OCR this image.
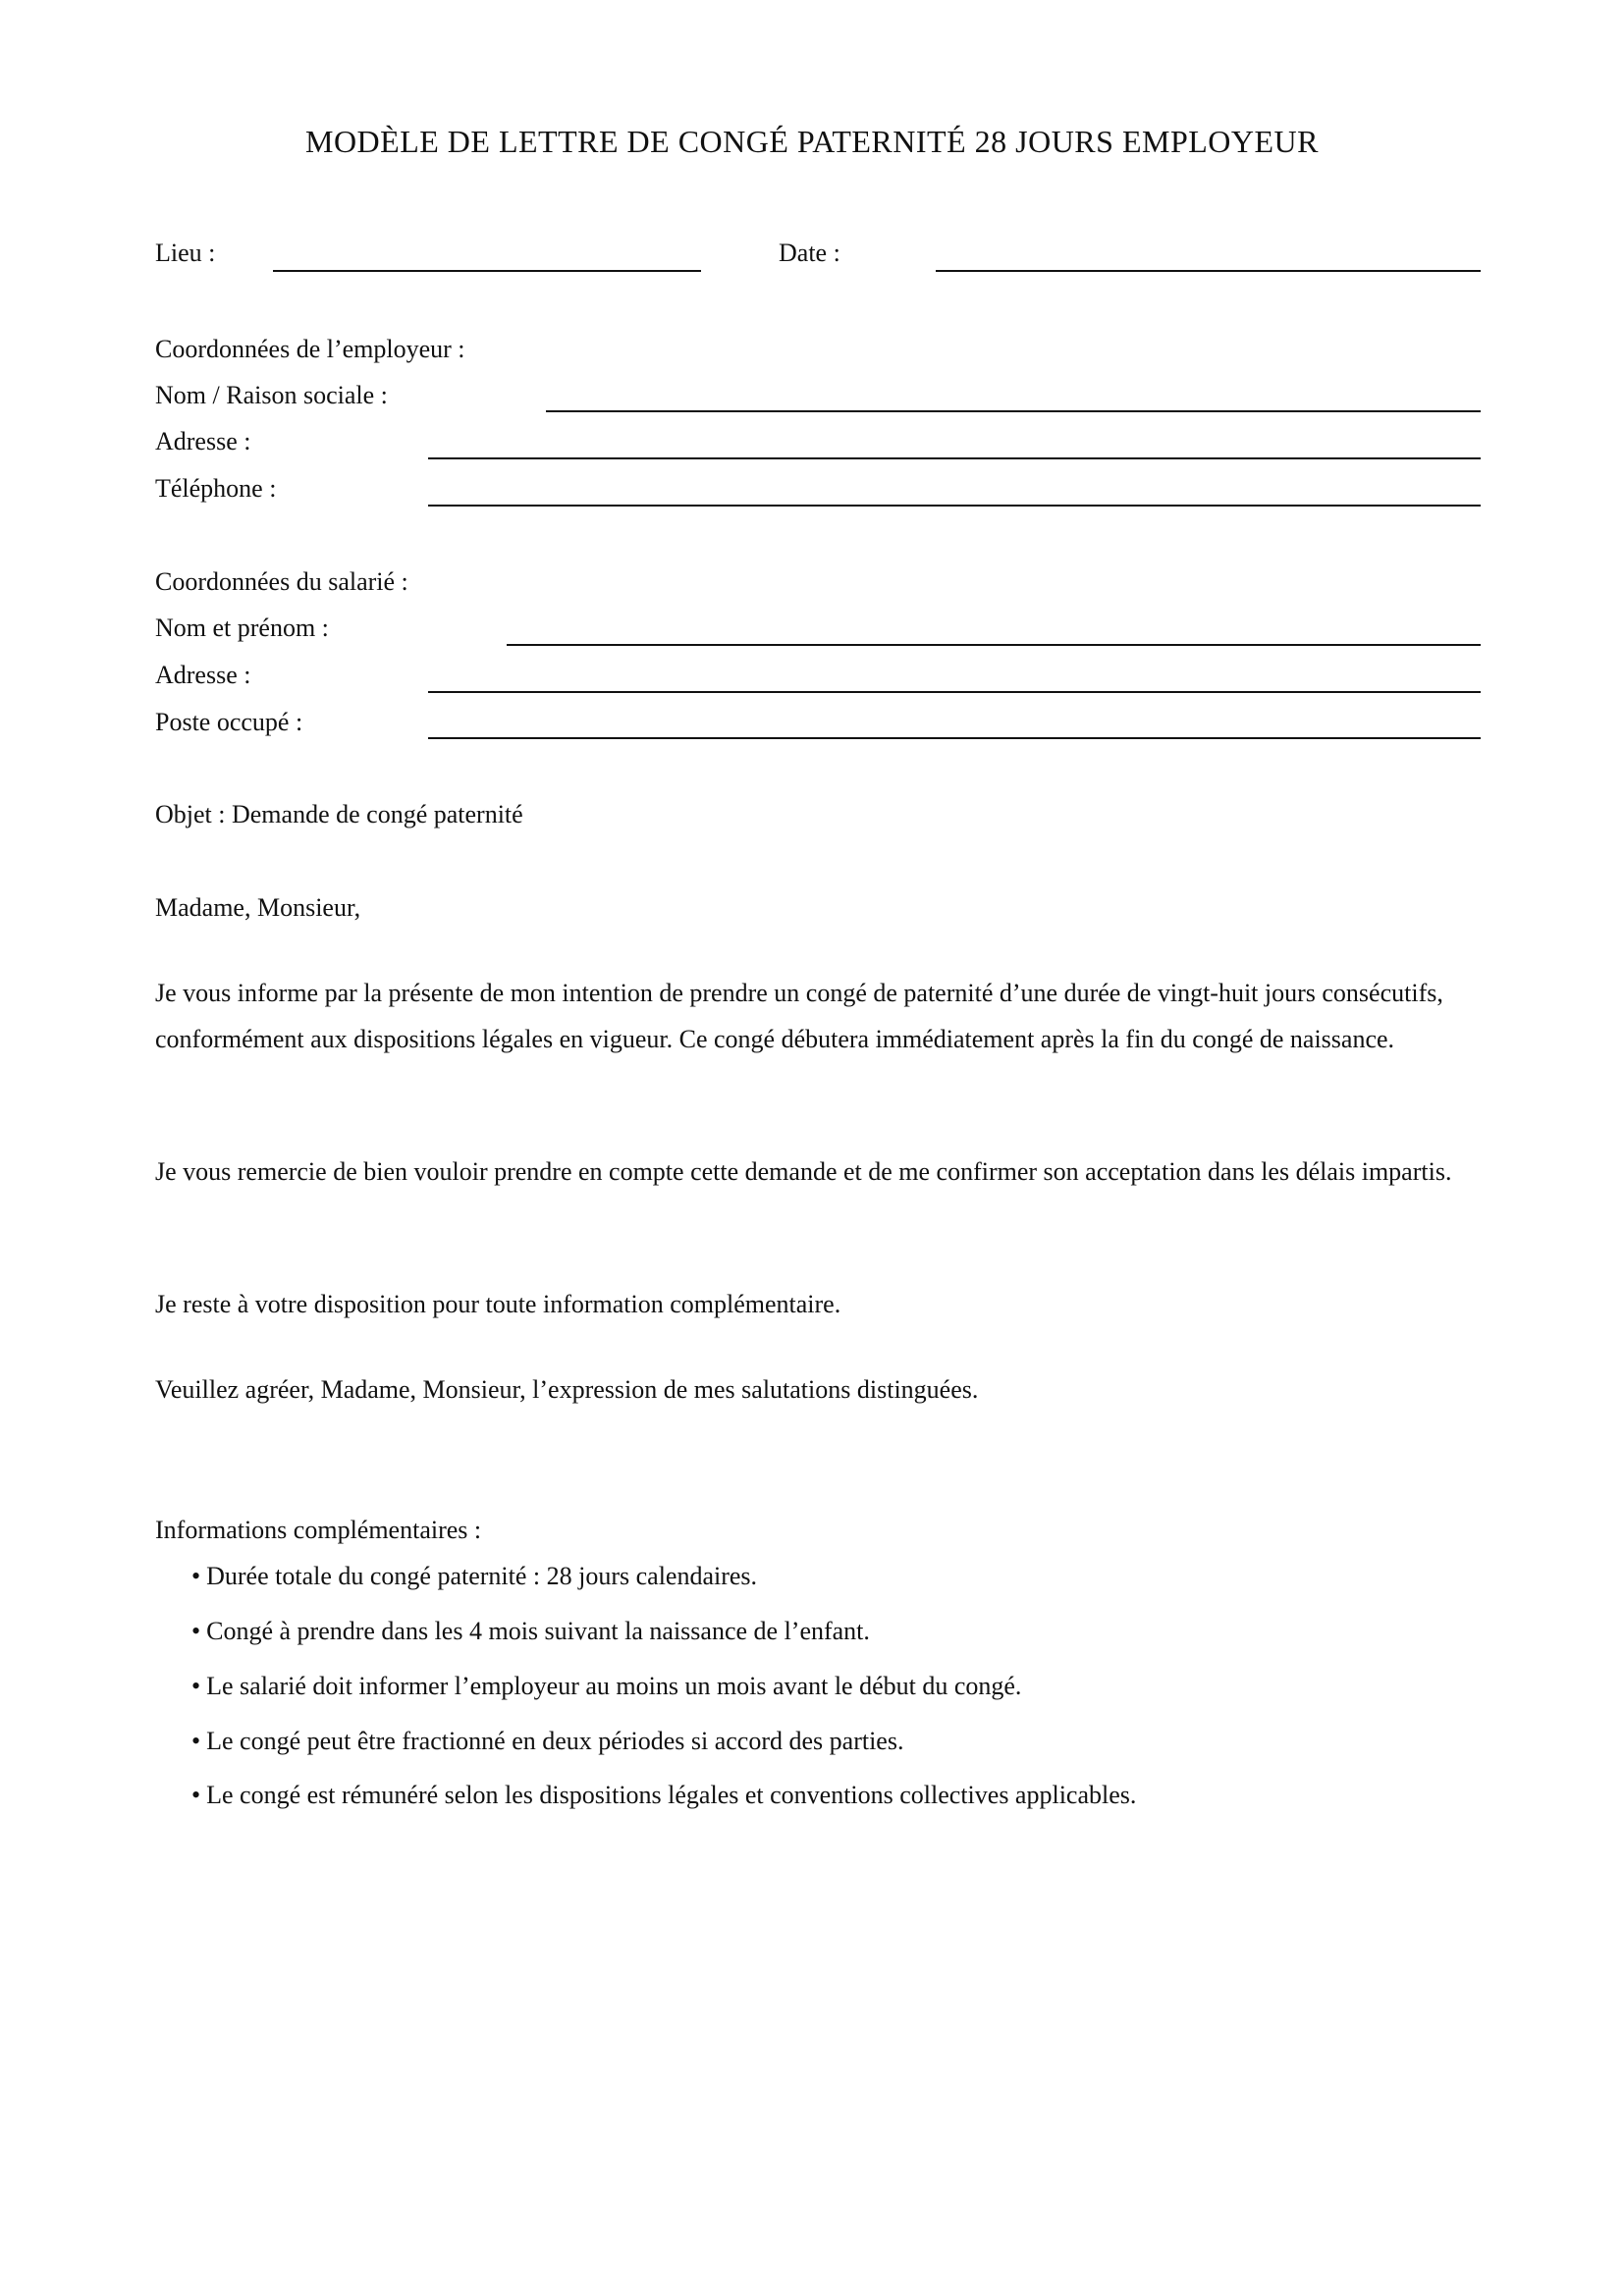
MODÈLE DE LETTRE DE CONGÉ PATERNITÉ 28 JOURS EMPLOYEUR
Lieu :	Date :
Coordonnées de l’employeur :
Nom / Raison sociale :
Adresse :
Téléphone :
Coordonnées du salarié :
Nom et prénom :
Adresse :
Poste occupé :
Objet : Demande de congé paternité
Madame, Monsieur,
Je vous informe par la présente de mon intention de prendre un congé de paternité d’une durée de vingt-huit jours consécutifs, conformément aux dispositions légales en vigueur. Ce congé débutera immédiatement après la fin du congé de naissance.
Je vous remercie de bien vouloir prendre en compte cette demande et de me confirmer son acceptation dans les délais impartis.
Je reste à votre disposition pour toute information complémentaire.
Veuillez agréer, Madame, Monsieur, l’expression de mes salutations distinguées.
Informations complémentaires :
• Durée totale du congé paternité : 28 jours calendaires.
• Congé à prendre dans les 4 mois suivant la naissance de l’enfant.
• Le salarié doit informer l’employeur au moins un mois avant le début du congé.
• Le congé peut être fractionné en deux périodes si accord des parties.
• Le congé est rémunéré selon les dispositions légales et conventions collectives applicables.
